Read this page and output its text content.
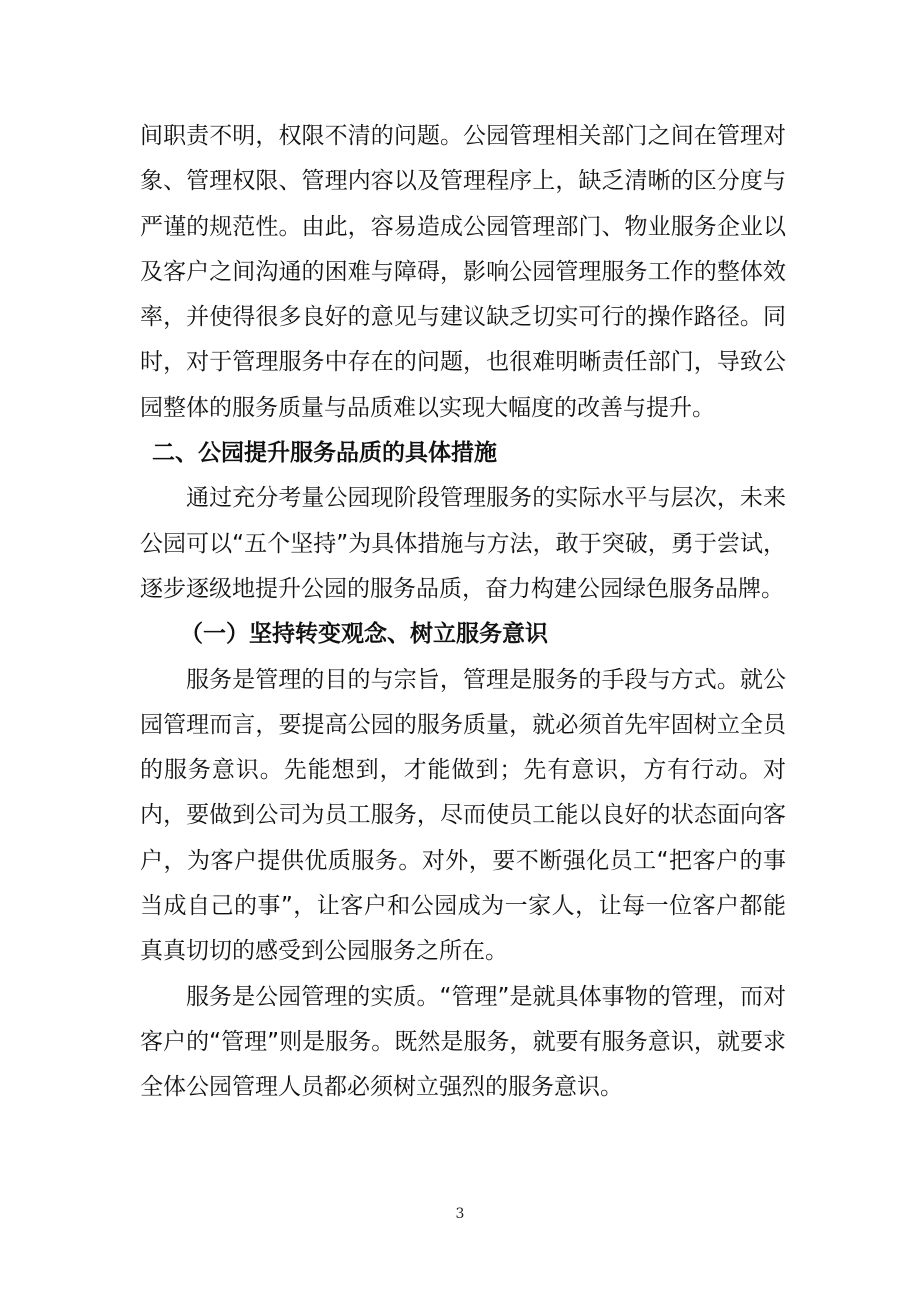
间职责不明，权限不清的问题。公园管理相关部门之间在管理对象、管理权限、管理内容以及管理程序上，缺乏清晰的区分度与严谨的规范性。由此，容易造成公园管理部门、物业服务企业以及客户之间沟通的困难与障碍，影响公园管理服务工作的整体效率，并使得很多良好的意见与建议缺乏切实可行的操作路径。同时，对于管理服务中存在的问题，也很难明晰责任部门，导致公园整体的服务质量与品质难以实现大幅度的改善与提升。

二、公园提升服务品质的具体措施

通过充分考量公园现阶段管理服务的实际水平与层次，未来公园可以“五个坚持”为具体措施与方法，敢于突破，勇于尝试，逐步逐级地提升公园的服务品质，奋力构建公园绿色服务品牌。

（一）坚持转变观念、树立服务意识

服务是管理的目的与宗旨，管理是服务的手段与方式。就公园管理而言，要提高公园的服务质量，就必须首先牢固树立全员的服务意识。先能想到，才能做到；先有意识，方有行动。对内，要做到公司为员工服务，尽而使员工能以良好的状态面向客户，为客户提供优质服务。对外，要不断强化员工“把客户的事当成自己的事”，让客户和公园成为一家人，让每一位客户都能真真切切的感受到公园服务之所在。

服务是公园管理的实质。“管理”是就具体事物的管理，而对客户的“管理”则是服务。既然是服务，就要有服务意识，就要求全体公园管理人员都必须树立强烈的服务意识。

3
